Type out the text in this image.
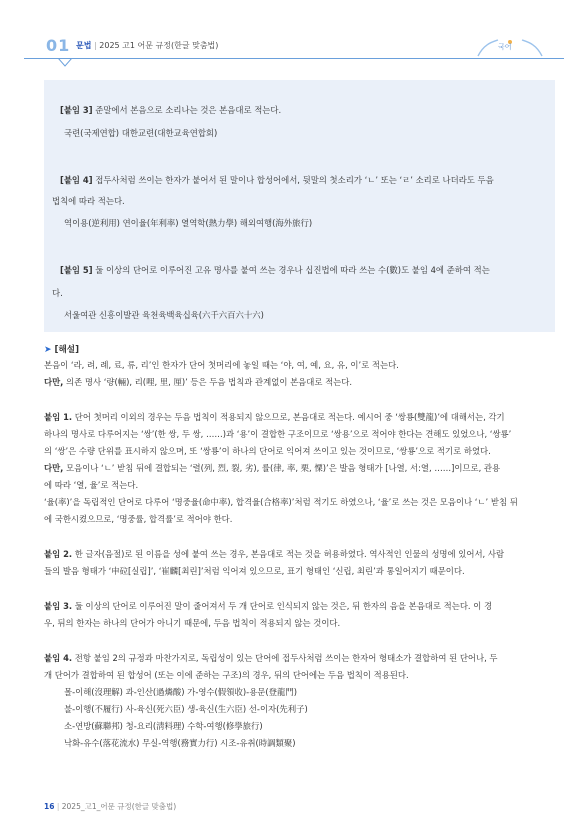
01 문법 | 2025 고1 어문 규정(한글 맞춤법)	국어
[붙임 3] 준말에서 본음으로 소리나는 것은 본음대로 적는다.
국련(국제연합) 대한교련(대한교육연합회)
[붙임 4] 접두사처럼 쓰이는 한자가 붙어서 된 말이나 합성어에서, 뒷말의 첫소리가 ‘ㄴ’ 또는 ‘ㄹ’ 소리로 나더라도 두음
법칙에 따라 적는다.
역이용(逆利用) 연이율(年利率) 열역학(熱力學) 해외여행(海外旅行)
[붙임 5] 둘 이상의 단어로 이루어진 고유 명사를 붙여 쓰는 경우나 십진법에 따라 쓰는 수(數)도 붙임 4에 준하여 적는
다.
서울여관 신흥이발관 육천육백육십육(六千六百六十六)
➤ [해설]
본음이 ‘라, 려, 례, 료, 류, 리’인 한자가 단어 첫머리에 놓일 때는 ‘야, 여, 예, 요, 유, 이’로 적는다.
다만, 의존 명사 ‘량(輛), 리(哩, 里, 厘)’ 등은 두음 법칙과 관계없이 본음대로 적는다.
붙임 1. 단어 첫머리 이외의 경우는 두음 법칙이 적용되지 않으므로, 본음대로 적는다. 예시어 중 ‘쌍룡(雙龍)’에 대해서는, 각기
하나의 명사로 다루어지는 ‘쌍’(한 쌍, 두 쌍, ……)과 ‘용’이 결합한 구조이므로 ‘쌍용’으로 적어야 한다는 견해도 있었으나, ‘쌍룡’
의 ‘쌍’은 수량 단위를 표시하지 않으며, 또 ‘쌍룡’이 하나의 단어로 익어져 쓰이고 있는 것이므로, ‘쌍룡’으로 적기로 하였다.
다만, 모음이나 ‘ㄴ’ 받침 뒤에 결합되는 ‘렬(列, 烈, 裂, 劣), 률(律, 率, 栗, 慄)’은 발음 형태가 [나열, 서:열, ……]이므로, 관용
에 따라 ‘열, 율’로 적는다.
‘율(率)’을 독립적인 단어로 다루어 ‘명중율(命中率), 합격율(合格率)’처럼 적기도 하였으나, ‘율’로 쓰는 것은 모음이나 ‘ㄴ’ 받침 뒤
에 국한시켰으므로, ‘명중률, 합격률’로 적어야 한다.
붙임 2. 한 글자(음절)로 된 이름을 성에 붙여 쓰는 경우, 본음대로 적는 것을 허용하였다. 역사적인 인물의 성명에 있어서, 사람
들의 발음 형태가 ‘申砬[실립]’, ‘崔麟[최린]’처럼 익어져 있으므로, 표기 형태인 ‘신립, 최린’과 통일어지기 때문이다.
붙임 3. 둘 이상의 단어로 이루어진 말이 줄어져서 두 개 단어로 인식되지 않는 것은, 뒤 한자의 음을 본음대로 적는다. 이 경
우, 뒤의 한자는 하나의 단어가 아니기 때문에, 두음 법칙이 적용되지 않는 것이다.
붙임 4. 전항 붙임 2의 규정과 마찬가지로, 독립성이 있는 단어에 접두사처럼 쓰이는 한자어 형태소가 결합하여 된 단어나, 두
개 단어가 결합하여 된 합성어 (또는 이에 준하는 구조)의 경우, 뒤의 단어에는 두음 법칙이 적용된다.
몰-이해(沒理解) 과-인산(過燐酸) 가-영수(假領收)-용문(登龍門)
불-이행(不履行) 사-육신(死六臣) 생-육신(生六臣) 선-이자(先利子)
소-연방(蘇聯邦) 청-요리(淸料理) 수학-여행(修學旅行)
낙화-유수(落花流水) 무실-역행(務實力行) 시조-유취(時調類聚)
16 | 2025_고1_어문 규정(한글 맞춤법)
